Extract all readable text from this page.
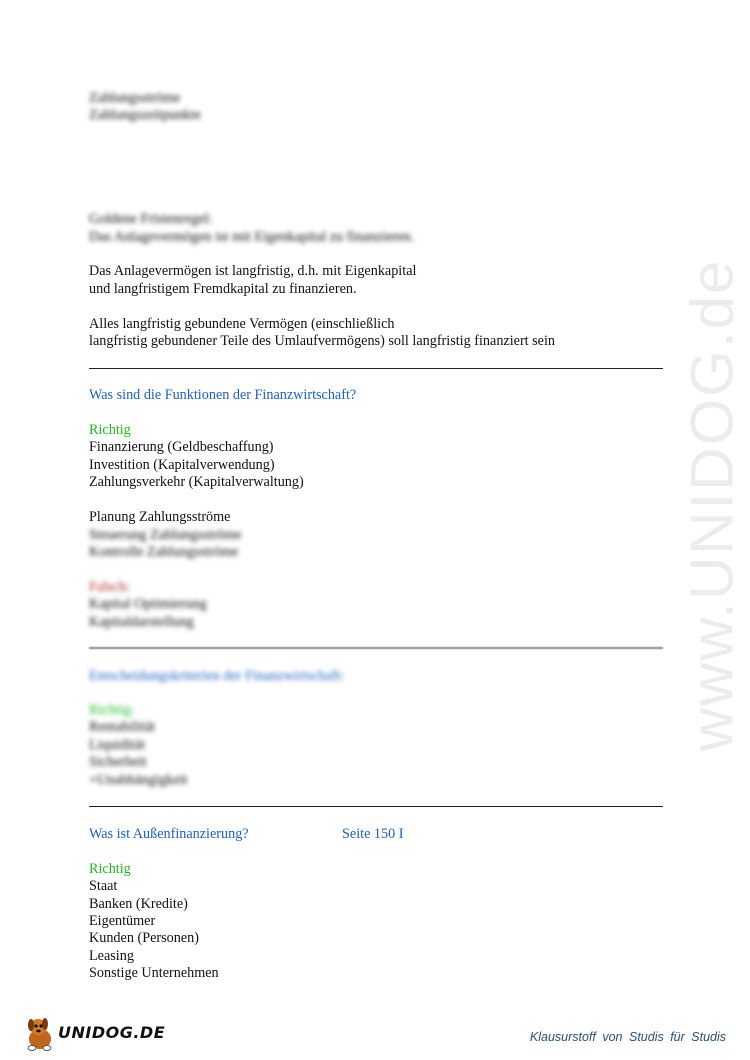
www.UNIDOG.de
Zahlungsströme
Zahlungszeitpunkte
Goldene Fristenregel:
Das Anlagevermögen ist mit Eigenkapital zu finanzieren.
Das Anlagevermögen ist langfristig, d.h. mit Eigenkapital
und langfristigem Fremdkapital zu finanzieren.
Alles langfristig gebundene Vermögen (einschließlich
langfristig gebundener Teile des Umlaufvermögens) soll langfristig finanziert sein
Was sind die Funktionen der Finanzwirtschaft?
Richtig
Finanzierung (Geldbeschaffung)
Investition (Kapitalverwendung)
Zahlungsverkehr (Kapitalverwaltung)
Planung Zahlungsströme
Steuerung Zahlungsströme
Kontrolle Zahlungsströme
Falsch:
Kapital Optimierung
Kapitaldarstellung
Entscheidungskriterien der Finanzwirtschaft:
Richtig:
Rentabilität
Liquidität
Sicherheit
+Unabhängigkeit
Was ist Außenfinanzierung?	Seite 150 I
Richtig
Staat
Banken (Kredite)
Eigentümer
Kunden (Personen)
Leasing
Sonstige Unternehmen
UNIDOG.DE	Klausurstoff von Studis für Studis
